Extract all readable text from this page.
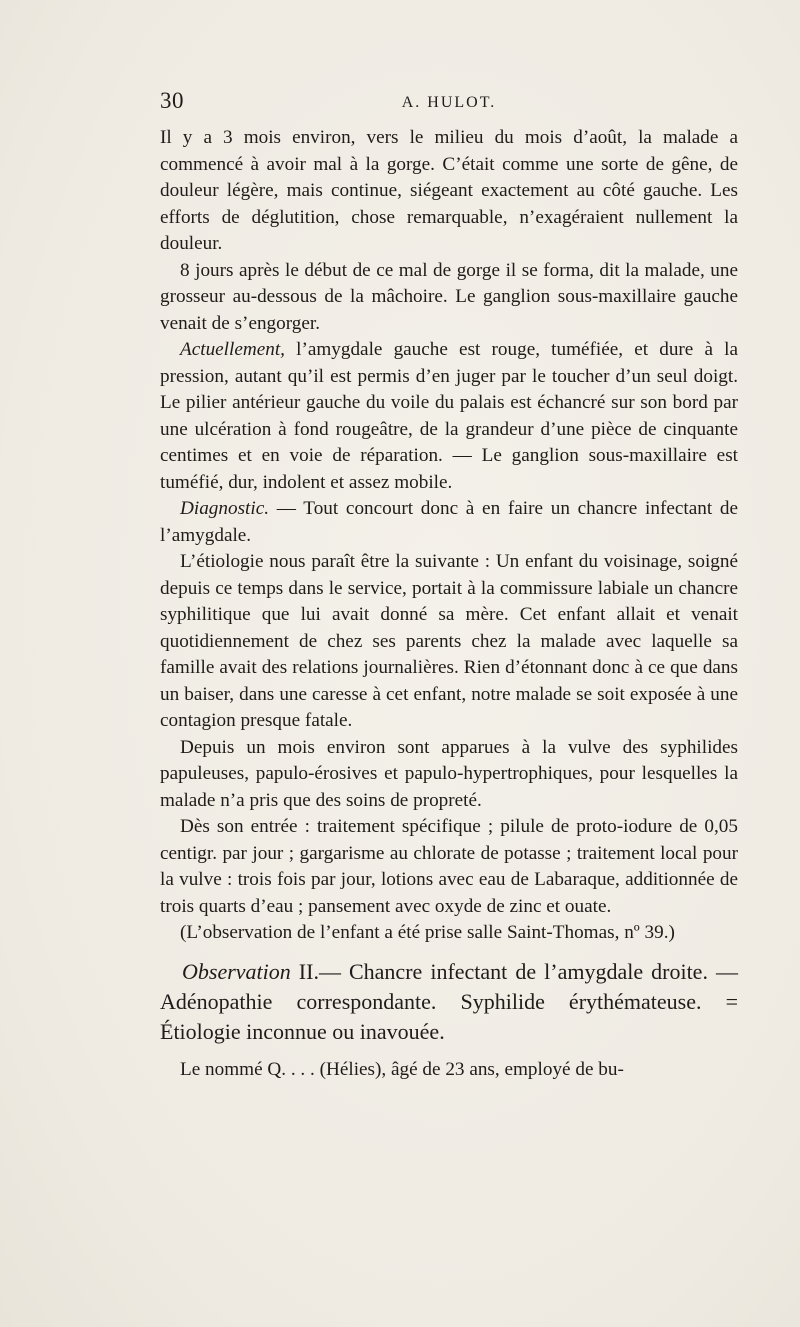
30	A. HULOT.

Il y a 3 mois environ, vers le milieu du mois d’août, la malade a commencé à avoir mal à la gorge. C’était comme une sorte de gêne, de douleur légère, mais continue, siégeant exactement au côté gauche. Les efforts de déglutition, chose remarquable, n’exagéraient nullement la douleur.

8 jours après le début de ce mal de gorge il se forma, dit la malade, une grosseur au-dessous de la mâchoire. Le ganglion sous-maxillaire gauche venait de s’engorger.

Actuellement, l’amygdale gauche est rouge, tuméfiée, et dure à la pression, autant qu’il est permis d’en juger par le toucher d’un seul doigt. Le pilier antérieur gauche du voile du palais est échancré sur son bord par une ulcération à fond rougeâtre, de la grandeur d’une pièce de cinquante centimes et en voie de réparation. — Le ganglion sous-maxillaire est tuméfié, dur, indolent et assez mobile.

Diagnostic. — Tout concourt donc à en faire un chancre infectant de l’amygdale.

L’étiologie nous paraît être la suivante : Un enfant du voisinage, soigné depuis ce temps dans le service, portait à la commissure labiale un chancre syphilitique que lui avait donné sa mère. Cet enfant allait et venait quotidiennement de chez ses parents chez la malade avec laquelle sa famille avait des relations journalières. Rien d’étonnant donc à ce que dans un baiser, dans une caresse à cet enfant, notre malade se soit exposée à une contagion presque fatale.

Depuis un mois environ sont apparues à la vulve des syphilides papuleuses, papulo-érosives et papulo-hypertrophiques, pour lesquelles la malade n’a pris que des soins de propreté.

Dès son entrée : traitement spécifique ; pilule de proto-iodure de 0,05 centigr. par jour ; gargarisme au chlorate de potasse ; traitement local pour la vulve : trois fois par jour, lotions avec eau de Labaraque, additionnée de trois quarts d’eau ; pansement avec oxyde de zinc et ouate.

(L’observation de l’enfant a été prise salle Saint-Thomas, nº 39.)

Observation II.— Chancre infectant de l’amygdale droite. — Adénopathie correspondante. Syphilide érythémateuse. = Étiologie inconnue ou inavouée.

Le nommé Q. . . . (Hélies), âgé de 23 ans, employé de bu-
